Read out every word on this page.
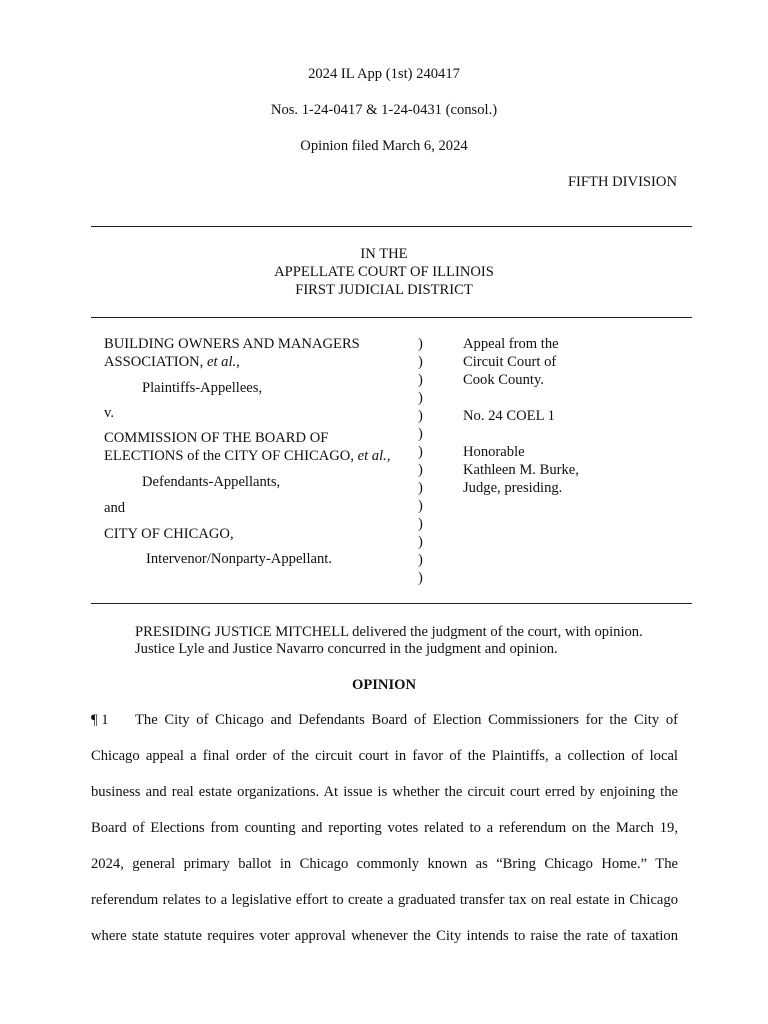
2024 IL App (1st) 240417
Nos. 1-24-0417 & 1-24-0431 (consol.)
Opinion filed March 6, 2024
FIFTH DIVISION
IN THE
APPELLATE COURT OF ILLINOIS
FIRST JUDICIAL DISTRICT
BUILDING OWNERS AND MANAGERS
ASSOCIATION, et al.,
Plaintiffs-Appellees,
v.
COMMISSION OF THE BOARD OF
ELECTIONS of the CITY OF CHICAGO, et al.,
Defendants-Appellants,
and
CITY OF CHICAGO,
Intervenor/Nonparty-Appellant.
)
)
)
)
)
)
)
)
)
)
)
)
)
)
Appeal from the
Circuit Court of
Cook County.
No. 24 COEL 1
Honorable
Kathleen M. Burke,
Judge, presiding.
PRESIDING JUSTICE MITCHELL delivered the judgment of the court, with opinion.
Justice Lyle and Justice Navarro concurred in the judgment and opinion.
OPINION
¶ 1 The City of Chicago and Defendants Board of Election Commissioners for the City of
Chicago appeal a final order of the circuit court in favor of the Plaintiffs, a collection of local
business and real estate organizations. At issue is whether the circuit court erred by enjoining the
Board of Elections from counting and reporting votes related to a referendum on the March 19,
2024, general primary ballot in Chicago commonly known as “Bring Chicago Home.” The
referendum relates to a legislative effort to create a graduated transfer tax on real estate in Chicago
where state statute requires voter approval whenever the City intends to raise the rate of taxation
